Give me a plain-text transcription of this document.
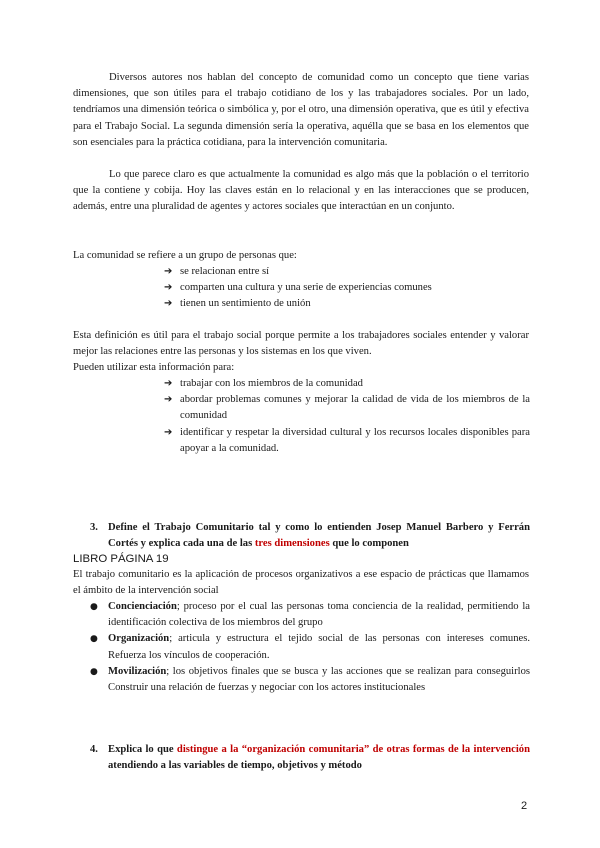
Diversos autores nos hablan del concepto de comunidad como un concepto que tiene varias dimensiones, que son útiles para el trabajo cotidiano de los y las trabajadores sociales. Por un lado, tendríamos una dimensión teórica o simbólica y, por el otro, una dimensión operativa, que es útil y efectiva para el Trabajo Social. La segunda dimensión sería la operativa, aquélla que se basa en los elementos que son esenciales para la práctica cotidiana, para la intervención comunitaria.
Lo que parece claro es que actualmente la comunidad es algo más que la población o el territorio que la contiene y cobija. Hoy las claves están en lo relacional y en las interacciones que se producen, además, entre una pluralidad de agentes y actores sociales que interactúan en un conjunto.
La comunidad se refiere a un grupo de personas que:
➔ se relacionan entre sí
➔ comparten una cultura y una serie de experiencias comunes
➔ tienen un sentimiento de unión
Esta definición es útil para el trabajo social porque permite a los trabajadores sociales entender y valorar mejor las relaciones entre las personas y los sistemas en los que viven.
Pueden utilizar esta información para:
➔ trabajar con los miembros de la comunidad
➔ abordar problemas comunes y mejorar la calidad de vida de los miembros de la comunidad
➔ identificar y respetar la diversidad cultural y los recursos locales disponibles para apoyar a la comunidad.
3. Define el Trabajo Comunitario tal y como lo entienden Josep Manuel Barbero y Ferrán Cortés y explica cada una de las tres dimensiones que lo componen
LIBRO PÁGINA 19
El trabajo comunitario es la aplicación de procesos organizativos a ese espacio de prácticas que llamamos el ámbito de la intervención social
● Concienciación; proceso por el cual las personas toma conciencia de la realidad, permitiendo la identificación colectiva de los miembros del grupo
● Organización; articula y estructura el tejido social de las personas con intereses comunes. Refuerza los vínculos de cooperación.
● Movilización; los objetivos finales que se busca y las acciones que se realizan para conseguirlos Construir una relación de fuerzas y negociar con los actores institucionales
4. Explica lo que distingue a la “organización comunitaria” de otras formas de la intervención atendiendo a las variables de tiempo, objetivos y método
2
